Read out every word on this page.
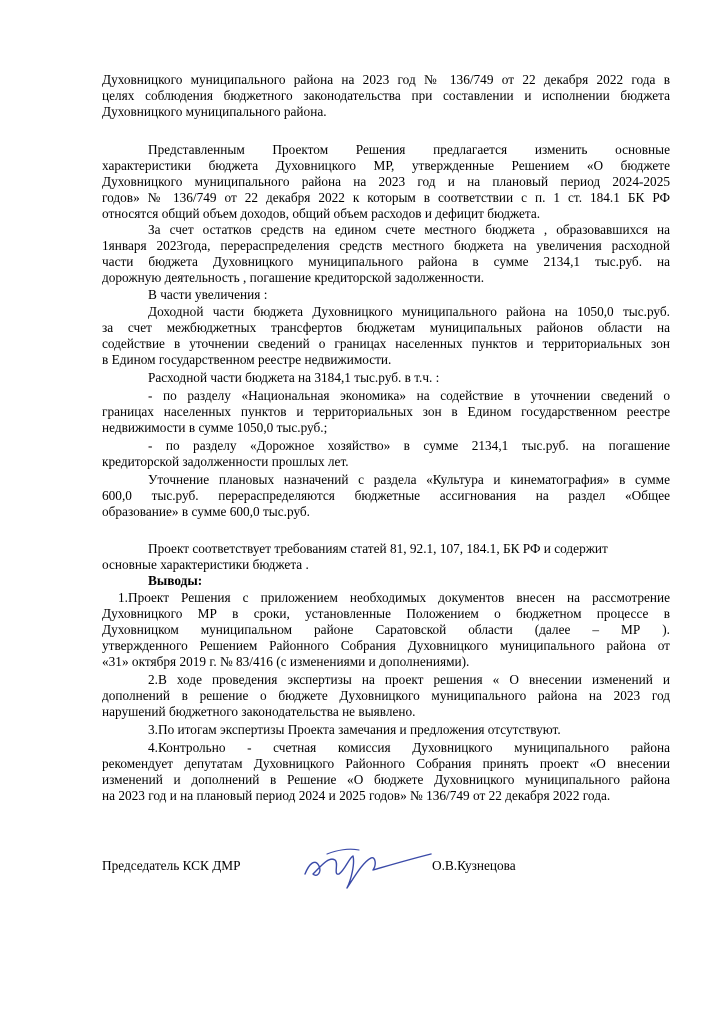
Духовницкого муниципального района на 2023 год № 136/749 от 22 декабря 2022 года в
целях соблюдения бюджетного законодательства при составлении и исполнении бюджета
Духовницкого муниципального района.
Представленным Проектом Решения предлагается изменить основные
характеристики бюджета Духовницкого МР, утвержденные Решением «О бюджете
Духовницкого муниципального района на 2023 год и на плановый период 2024-2025
годов» № 136/749 от 22 декабря 2022 к которым в соответствии с п. 1 ст. 184.1 БК РФ
относятся общий объем доходов, общий объем расходов и дефицит бюджета.
За счет остатков средств на едином счете местного бюджета , образовавшихся на
1января 2023года, перераспределения средств местного бюджета на увеличения расходной
части бюджета Духовницкого муниципального района в сумме 2134,1 тыс.руб. на
дорожную деятельность , погашение кредиторской задолженности.
В части увеличения :
Доходной части бюджета Духовницкого муниципального района на 1050,0 тыс.руб.
за счет межбюджетных трансфертов бюджетам муниципальных районов области на
содействие в уточнении сведений о границах населенных пунктов и территориальных зон
в Едином государственном реестре недвижимости.
Расходной части бюджета на 3184,1 тыс.руб. в т.ч. :
- по разделу «Национальная экономика» на содействие в уточнении сведений о
границах населенных пунктов и территориальных зон в Едином государственном реестре
недвижимости в сумме 1050,0 тыс.руб.;
- по разделу «Дорожное хозяйство» в сумме 2134,1 тыс.руб. на погашение
кредиторской задолженности прошлых лет.
Уточнение плановых назначений с раздела «Культура и кинематография» в сумме
600,0 тыс.руб. перераспределяются бюджетные ассигнования на раздел «Общее
образование» в сумме 600,0 тыс.руб.
Проект соответствует требованиям статей 81, 92.1, 107, 184.1, БК РФ и содержит
основные характеристики бюджета .
Выводы:
1.Проект Решения с приложением необходимых документов внесен на рассмотрение
Духовницкого МР в сроки, установленные Положением о бюджетном процессе в
Духовницком муниципальном районе Саратовской области (далее – МР ).
утвержденного Решением Районного Собрания Духовницкого муниципального района от
«31» октября 2019 г. № 83/416 (с изменениями и дополнениями).
2.В ходе проведения экспертизы на проект решения « О внесении изменений и
дополнений в решение о бюджете Духовницкого муниципального района на 2023 год
нарушений бюджетного законодательства не выявлено.
3.По итогам экспертизы Проекта замечания и предложения отсутствуют.
4.Контрольно - счетная комиссия Духовницкого муниципального района
рекомендует депутатам Духовницкого Районного Собрания принять проект «О внесении
изменений и дополнений в Решение «О бюджете Духовницкого муниципального района
на 2023 год и на плановый период 2024 и 2025 годов» № 136/749 от 22 декабря 2022 года.
Председатель КСК ДМР	О.В.Кузнецова
